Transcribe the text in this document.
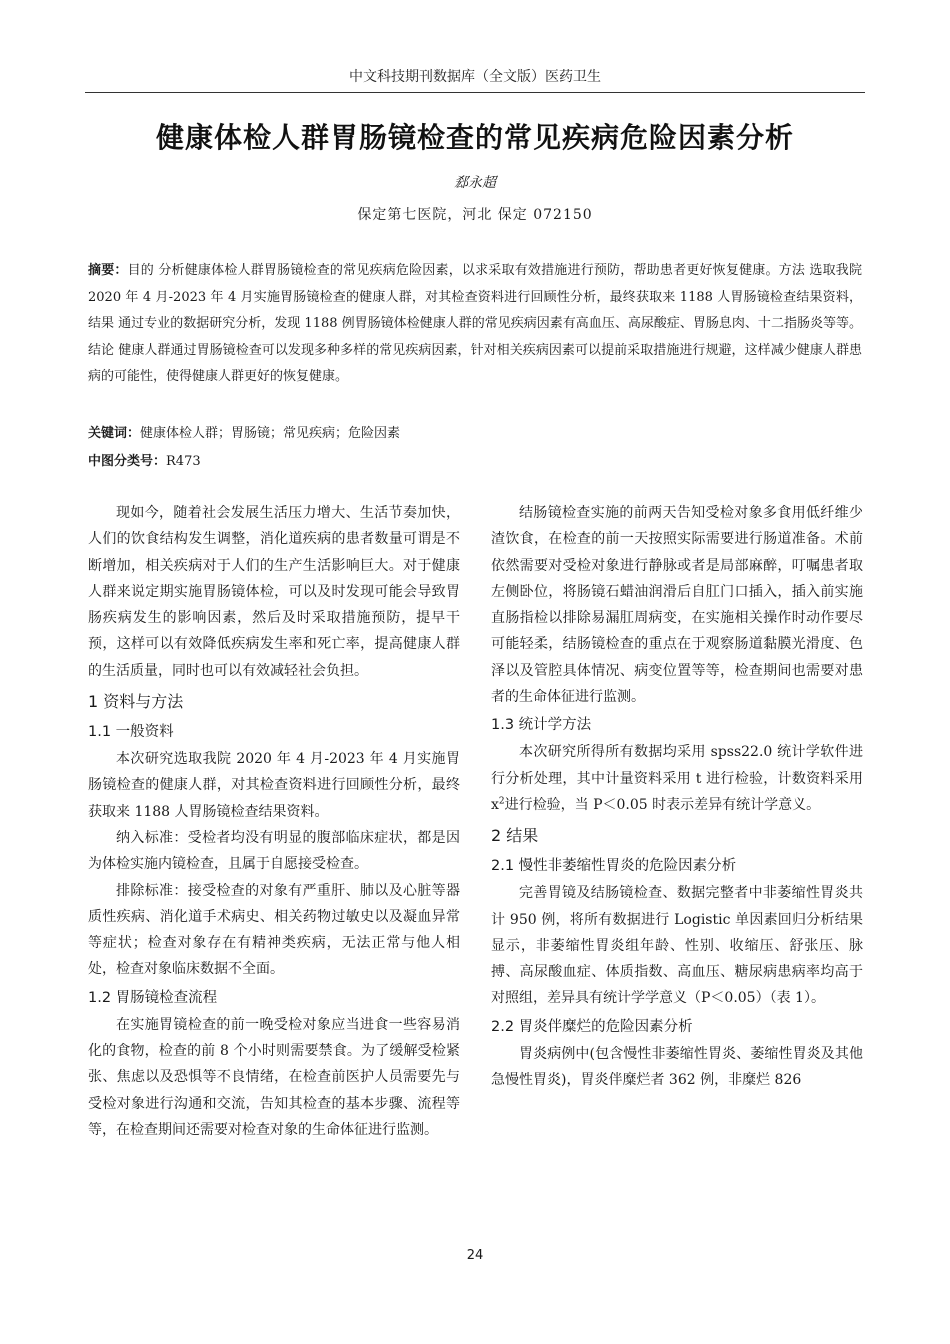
中文科技期刊数据库（全文版）医药卫生
健康体检人群胃肠镜检查的常见疾病危险因素分析
郄永超
保定第七医院，河北 保定 072150
摘要：目的 分析健康体检人群胃肠镜检查的常见疾病危险因素，以求采取有效措施进行预防，帮助患者更好恢复健康。方法 选取我院 2020 年 4 月-2023 年 4 月实施胃肠镜检查的健康人群，对其检查资料进行回顾性分析，最终获取来 1188 人胃肠镜检查结果资料，结果 通过专业的数据研究分析，发现 1188 例胃肠镜体检健康人群的常见疾病因素有高血压、高尿酸症、胃肠息肉、十二指肠炎等等。结论 健康人群通过胃肠镜检查可以发现多种多样的常见疾病因素，针对相关疾病因素可以提前采取措施进行规避，这样减少健康人群患病的可能性，使得健康人群更好的恢复健康。
关键词：健康体检人群；胃肠镜；常见疾病；危险因素
中图分类号：R473

现如今，随着社会发展生活压力增大、生活节奏加快，人们的饮食结构发生调整，消化道疾病的患者数量可谓是不断增加，相关疾病对于人们的生产生活影响巨大。对于健康人群来说定期实施胃肠镜体检，可以及时发现可能会导致胃肠疾病发生的影响因素，然后及时采取措施预防，提早干预，这样可以有效降低疾病发生率和死亡率，提高健康人群的生活质量，同时也可以有效减轻社会负担。

1 资料与方法
1.1 一般资料

本次研究选取我院 2020 年 4 月-2023 年 4 月实施胃肠镜检查的健康人群，对其检查资料进行回顾性分析，最终获取来 1188 人胃肠镜检查结果资料。

纳入标准：受检者均没有明显的腹部临床症状，都是因为体检实施内镜检查，且属于自愿接受检查。

排除标准：接受检查的对象有严重肝、肺以及心脏等器质性疾病、消化道手术病史、相关药物过敏史以及凝血异常等症状；检查对象存在有精神类疾病，无法正常与他人相处，检查对象临床数据不全面。

1.2 胃肠镜检查流程

在实施胃镜检查的前一晚受检对象应当进食一些容易消化的食物，检查的前 8 个小时则需要禁食。为了缓解受检紧张、焦虑以及恐惧等不良情绪，在检查前医护人员需要先与受检对象进行沟通和交流，告知其检查的基本步骤、流程等等，在检查期间还需要对检查对象的生命体征进行监测。

结肠镜检查实施的前两天告知受检对象多食用低纤维少渣饮食，在检查的前一天按照实际需要进行肠道准备。术前依然需要对受检对象进行静脉或者是局部麻醉，叮嘱患者取左侧卧位，将肠镜石蜡油润滑后自肛门口插入，插入前实施直肠指检以排除易漏肛周病变，在实施相关操作时动作要尽可能轻柔，结肠镜检查的重点在于观察肠道黏膜光滑度、色泽以及管腔具体情况、病变位置等等，检查期间也需要对患者的生命体征进行监测。

1.3 统计学方法

本次研究所得所有数据均采用 spss22.0 统计学软件进行分析处理，其中计量资料采用 t 进行检验，计数资料采用 $x^2$进行检验，当 P＜0.05 时表示差异有统计学意义。

2 结果
2.1 慢性非萎缩性胃炎的危险因素分析

完善胃镜及结肠镜检查、数据完整者中非萎缩性胃炎共计 950 例，将所有数据进行 Logistic 单因素回归分析结果显示，非萎缩性胃炎组年龄、性别、收缩压、舒张压、脉搏、高尿酸血症、体质指数、高血压、糖尿病患病率均高于对照组，差异具有统计学学意义（P＜0.05）（表 1）。

2.2 胃炎伴糜烂的危险因素分析

胃炎病例中(包含慢性非萎缩性胃炎、萎缩性胃炎及其他急慢性胃炎)，胃炎伴糜烂者 362 例，非糜烂 826

24
